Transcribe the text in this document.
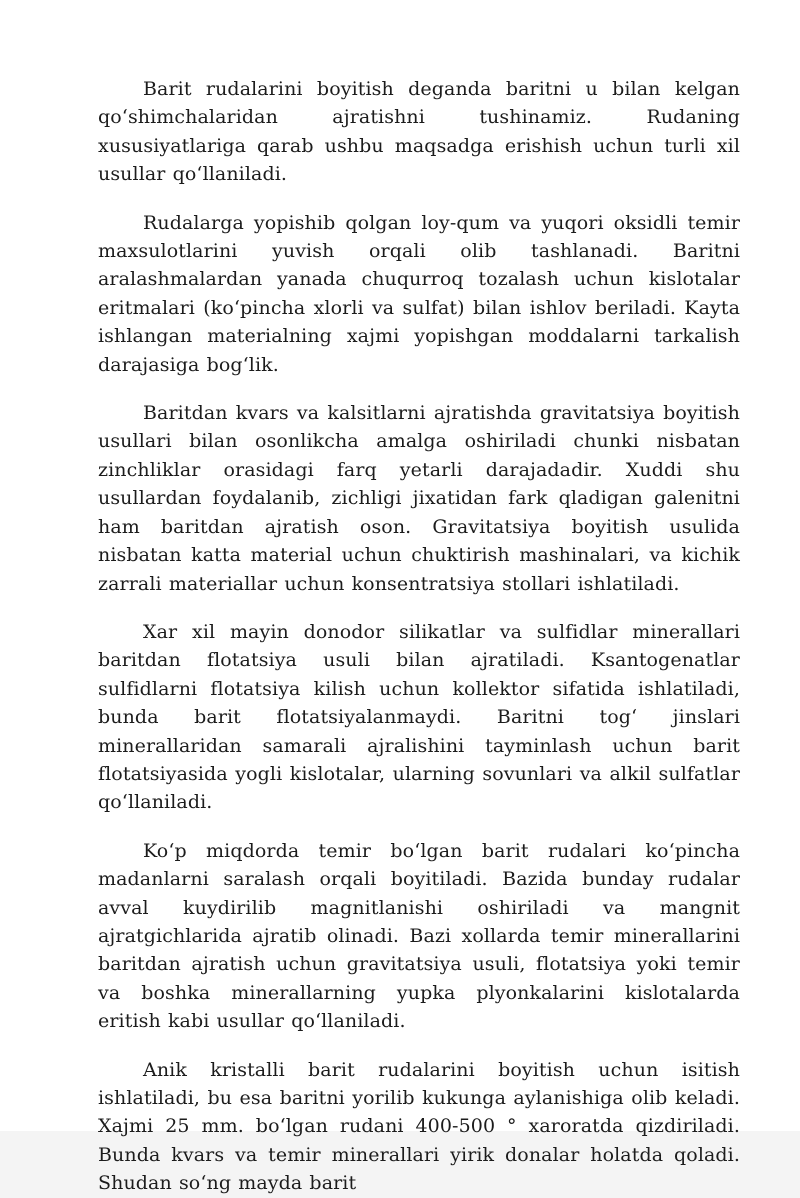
Barit rudalarini boyitish deganda baritni u bilan kelgan qoʻshimchalaridan ajratishni tushinamiz. Rudaning xususiyatlariga qarab ushbu maqsadga erishish uchun turli xil usullar qoʻllaniladi.

Rudalarga yopishib qolgan loy-qum va yuqori oksidli temir maxsulotlarini yuvish orqali olib tashlanadi. Baritni aralashmalardan yanada chuqurroq tozalash uchun kislotalar eritmalari (koʻpincha xlorli va sulfat) bilan ishlov beriladi. Kayta ishlangan materialning xajmi yopishgan moddalarni tarkalish darajasiga bogʻlik.

Baritdan kvars va kalsitlarni ajratishda gravitatsiya boyitish usullari bilan osonlikcha amalga oshiriladi chunki nisbatan zinchliklar orasidagi farq yetarli darajadadir. Xuddi shu usullardan foydalanib, zichligi jixatidan fark qladigan galenitni ham baritdan ajratish oson. Gravitatsiya boyitish usulida nisbatan katta material uchun chuktirish mashinalari, va kichik zarrali materiallar uchun konsentratsiya stollari ishlatiladi.

Xar xil mayin donodor silikatlar va sulfidlar minerallari baritdan flotatsiya usuli bilan ajratiladi. Ksantogenatlar sulfidlarni flotatsiya kilish uchun kollektor sifatida ishlatiladi, bunda barit flotatsiyalanmaydi. Baritni togʻ jinslari minerallaridan samarali ajralishini tayminlash uchun barit flotatsiyasida yogli kislotalar, ularning sovunlari va alkil sulfatlar qoʻllaniladi.

Koʻp miqdorda temir boʻlgan barit rudalari koʻpincha madanlarni saralash orqali boyitiladi. Bazida bunday rudalar avval kuydirilib magnitlanishi oshiriladi va mangnit ajratgichlarida ajratib olinadi. Bazi xollarda temir minerallarini baritdan ajratish uchun gravitatsiya usuli, flotatsiya yoki temir va boshka minerallarning yupka plyonkalarini kislotalarda eritish kabi usullar qoʻllaniladi.

Anik kristalli barit rudalarini boyitish uchun isitish ishlatiladi, bu esa baritni yorilib kukunga aylanishiga olib keladi. Xajmi 25 mm. boʻlgan rudani 400-500 ° xaroratda qizdiriladi. Bunda kvars va temir minerallari yirik donalar holatda qoladi. Shudan soʻng mayda barit
